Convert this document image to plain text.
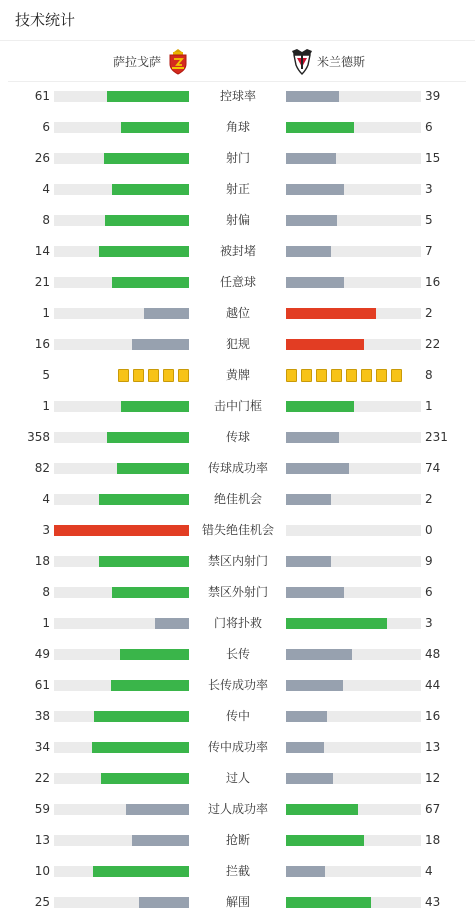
技术统计
萨拉戈萨	米兰德斯
61	控球率	39
6	角球	6
26	射门	15
4	射正	3
8	射偏	5
14	被封堵	7
21	任意球	16
1	越位	2
16	犯规	22
5	黄牌	8
1	击中门框	1
358	传球	231
82	传球成功率	74
4	绝佳机会	2
3	错失绝佳机会	0
18	禁区内射门	9
8	禁区外射门	6
1	门将扑救	3
49	长传	48
61	长传成功率	44
38	传中	16
34	传中成功率	13
22	过人	12
59	过人成功率	67
13	抢断	18
10	拦截	4
25	解围	43
